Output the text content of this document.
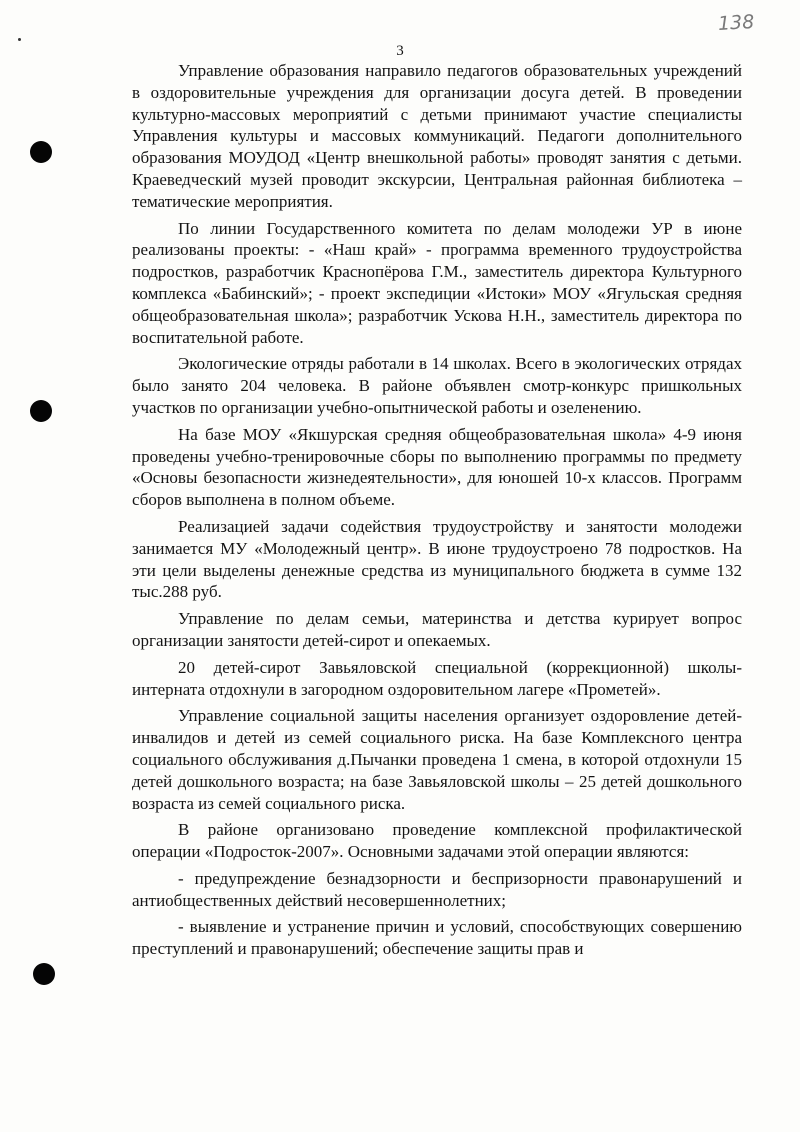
138
3

Управление образования направило педагогов образовательных учреждений в оздоровительные учреждения для организации досуга детей. В проведении культурно-массовых мероприятий с детьми принимают участие специалисты Управления культуры и массовых коммуникаций. Педагоги дополнительного образования МОУДОД «Центр внешкольной работы» проводят занятия с детьми. Краеведческий музей проводит экскурсии, Центральная районная библиотека – тематические мероприятия.

По линии Государственного комитета по делам молодежи УР в июне реализованы проекты: - «Наш край» - программа временного трудоустройства подростков, разработчик Краснопёрова Г.М., заместитель директора Культурного комплекса «Бабинский»; - проект экспедиции «Истоки» МОУ «Ягульская средняя общеобразовательная школа»; разработчик Ускова Н.Н., заместитель директора по воспитательной работе.

Экологические отряды работали в 14 школах. Всего в экологических отрядах было занято 204 человека. В районе объявлен смотр-конкурс пришкольных участков по организации учебно-опытнической работы и озеленению.

На базе МОУ «Якшурская средняя общеобразовательная школа» 4-9 июня проведены учебно-тренировочные сборы по выполнению программы по предмету «Основы безопасности жизнедеятельности», для юношей 10-х классов. Программ сборов выполнена в полном объеме.

Реализацией задачи содействия трудоустройству и занятости молодежи занимается МУ «Молодежный центр». В июне трудоустроено 78 подростков. На эти цели выделены денежные средства из муниципального бюджета в сумме 132 тыс.288 руб.

Управление по делам семьи, материнства и детства курирует вопрос организации занятости детей-сирот и опекаемых.

20 детей-сирот Завьяловской специальной (коррекционной) школы-интерната отдохнули в загородном оздоровительном лагере «Прометей».

Управление социальной защиты населения организует оздоровление детей-инвалидов и детей из семей социального риска. На базе Комплексного центра социального обслуживания д.Пычанки проведена 1 смена, в которой отдохнули 15 детей дошкольного возраста; на базе Завьяловской школы – 25 детей дошкольного возраста из семей социального риска.

В районе организовано проведение комплексной профилактической операции «Подросток-2007». Основными задачами этой операции являются:

- предупреждение безнадзорности и беспризорности правонарушений и антиобщественных действий несовершеннолетних;

- выявление и устранение причин и условий, способствующих совершению преступлений и правонарушений; обеспечение защиты прав и
